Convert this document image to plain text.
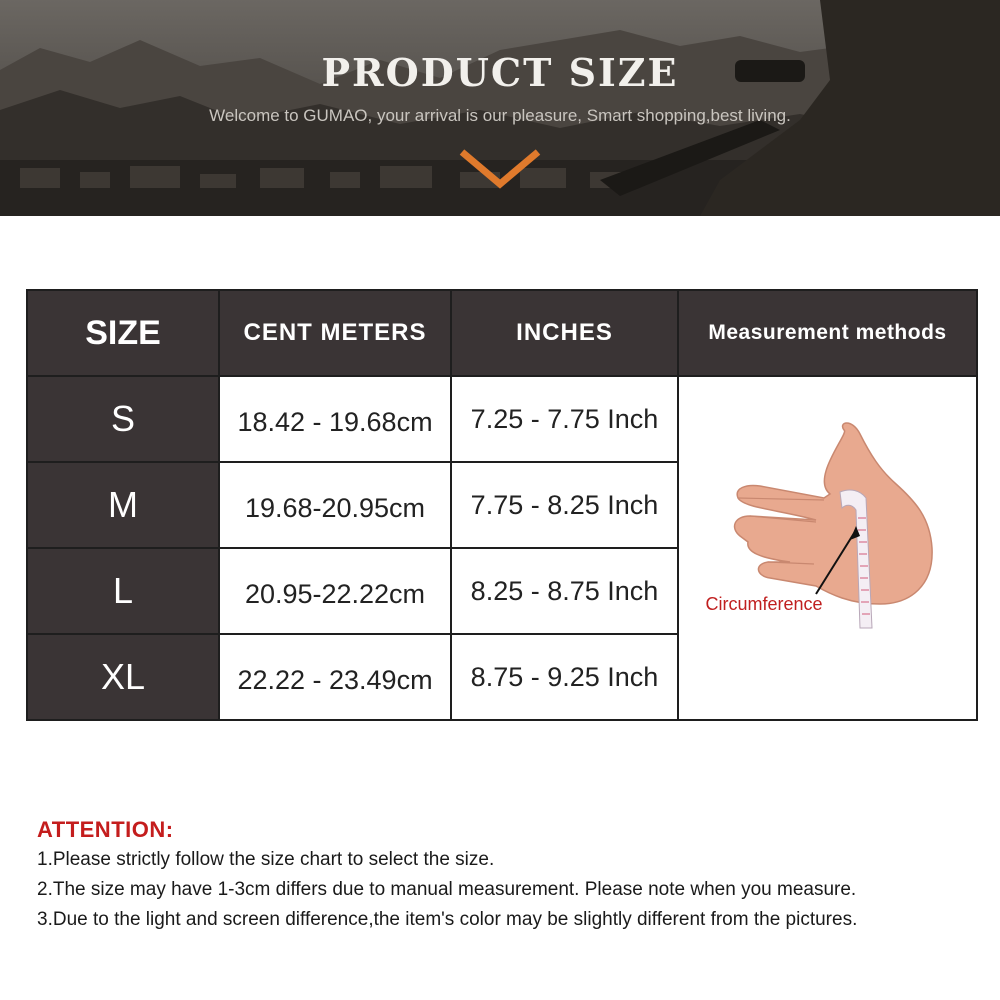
PRODUCT SIZE
Welcome to GUMAO, your arrival is our pleasure, Smart shopping,best living.
SIZE	CENT METERS	INCHES	Measurement methods
S	18.42 - 19.68cm	7.25 - 7.75 Inch	Circumference

M	19.68-20.95cm	7.75 - 8.25 Inch	
L	20.95-22.22cm	8.25 - 8.75 Inch	
XL	22.22 - 23.49cm	8.75 - 9.25 Inch	

ATTENTION:

1.Please strictly follow the size chart to select the size.

2.The size may have 1-3cm differs due to manual measurement. Please note when you measure.

3.Due to the light and screen difference,the item's color may be slightly different from the pictures.
